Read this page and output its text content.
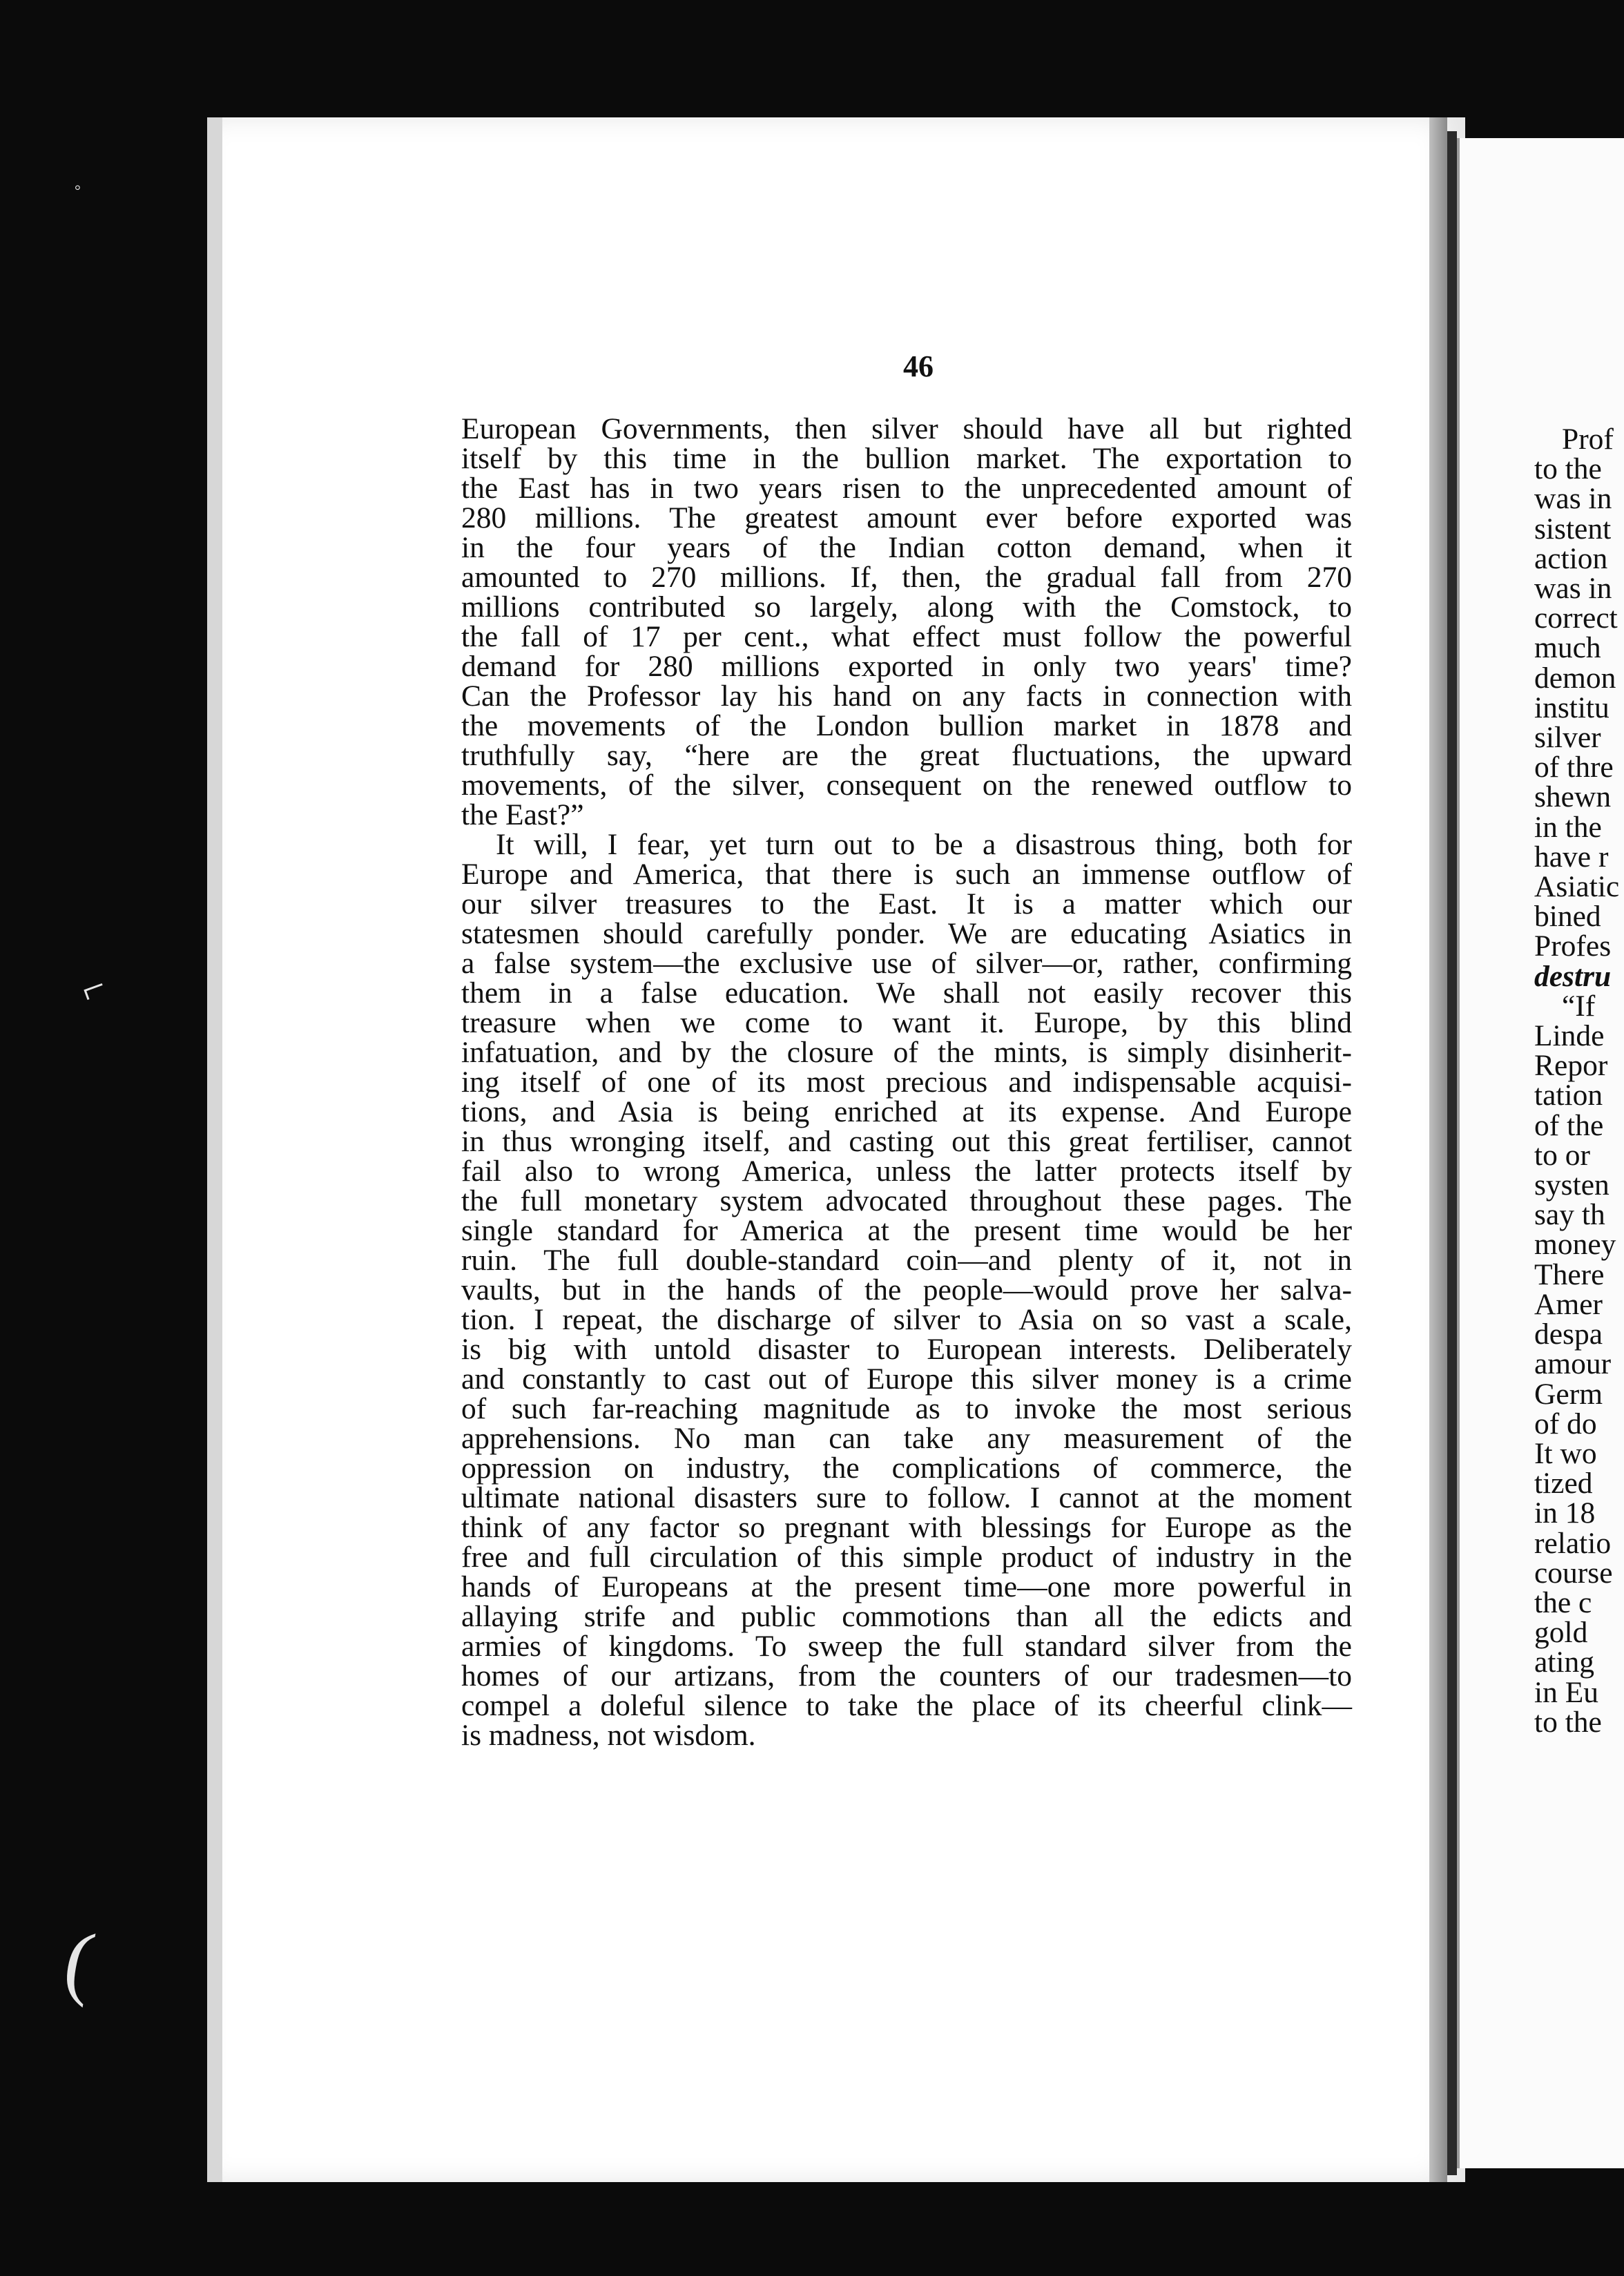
°
⌐
(
46
European Governments, then silver should have all but righted
itself by this time in the bullion market. The exportation to
the East has in two years risen to the unprecedented amount of
280 millions. The greatest amount ever before exported was
in the four years of the Indian cotton demand, when it
amounted to 270 millions. If, then, the gradual fall from 270
millions contributed so largely, along with the Comstock, to
the fall of 17 per cent., what effect must follow the powerful
demand for 280 millions exported in only two years' time?
Can the Professor lay his hand on any facts in connection with
the movements of the London bullion market in 1878 and
truthfully say, “here are the great fluctuations, the upward
movements, of the silver, consequent on the renewed outflow to
the East?”
It will, I fear, yet turn out to be a disastrous thing, both for
Europe and America, that there is such an immense outflow of
our silver treasures to the East. It is a matter which our
statesmen should carefully ponder. We are educating Asiatics in
a false system—the exclusive use of silver—or, rather, confirming
them in a false education. We shall not easily recover this
treasure when we come to want it. Europe, by this blind
infatuation, and by the closure of the mints, is simply disinherit-
ing itself of one of its most precious and indispensable acquisi-
tions, and Asia is being enriched at its expense. And Europe
in thus wronging itself, and casting out this great fertiliser, cannot
fail also to wrong America, unless the latter protects itself by
the full monetary system advocated throughout these pages. The
single standard for America at the present time would be her
ruin. The full double-standard coin—and plenty of it, not in
vaults, but in the hands of the people—would prove her salva-
tion. I repeat, the discharge of silver to Asia on so vast a scale,
is big with untold disaster to European interests. Deliberately
and constantly to cast out of Europe this silver money is a crime
of such far-reaching magnitude as to invoke the most serious
apprehensions. No man can take any measurement of the
oppression on industry, the complications of commerce, the
ultimate national disasters sure to follow. I cannot at the moment
think of any factor so pregnant with blessings for Europe as the
free and full circulation of this simple product of industry in the
hands of Europeans at the present time—one more powerful in
allaying strife and public commotions than all the edicts and
armies of kingdoms. To sweep the full standard silver from the
homes of our artizans, from the counters of our tradesmen—to
compel a doleful silence to take the place of its cheerful clink—
is madness, not wisdom.
Prof
to the
was in
sistent
action
was in
correct
much
demon
institu
silver
of thre
shewn
in the
have r
Asiatic
bined
Profes
destru
“If
Linde
Repor
tation
of the
to or
systen
say th
money
There
Amer
despa
amour
Germ
of do
It wo
tized
in 18
relatio
course
the c
gold
ating
in Eu
to the
